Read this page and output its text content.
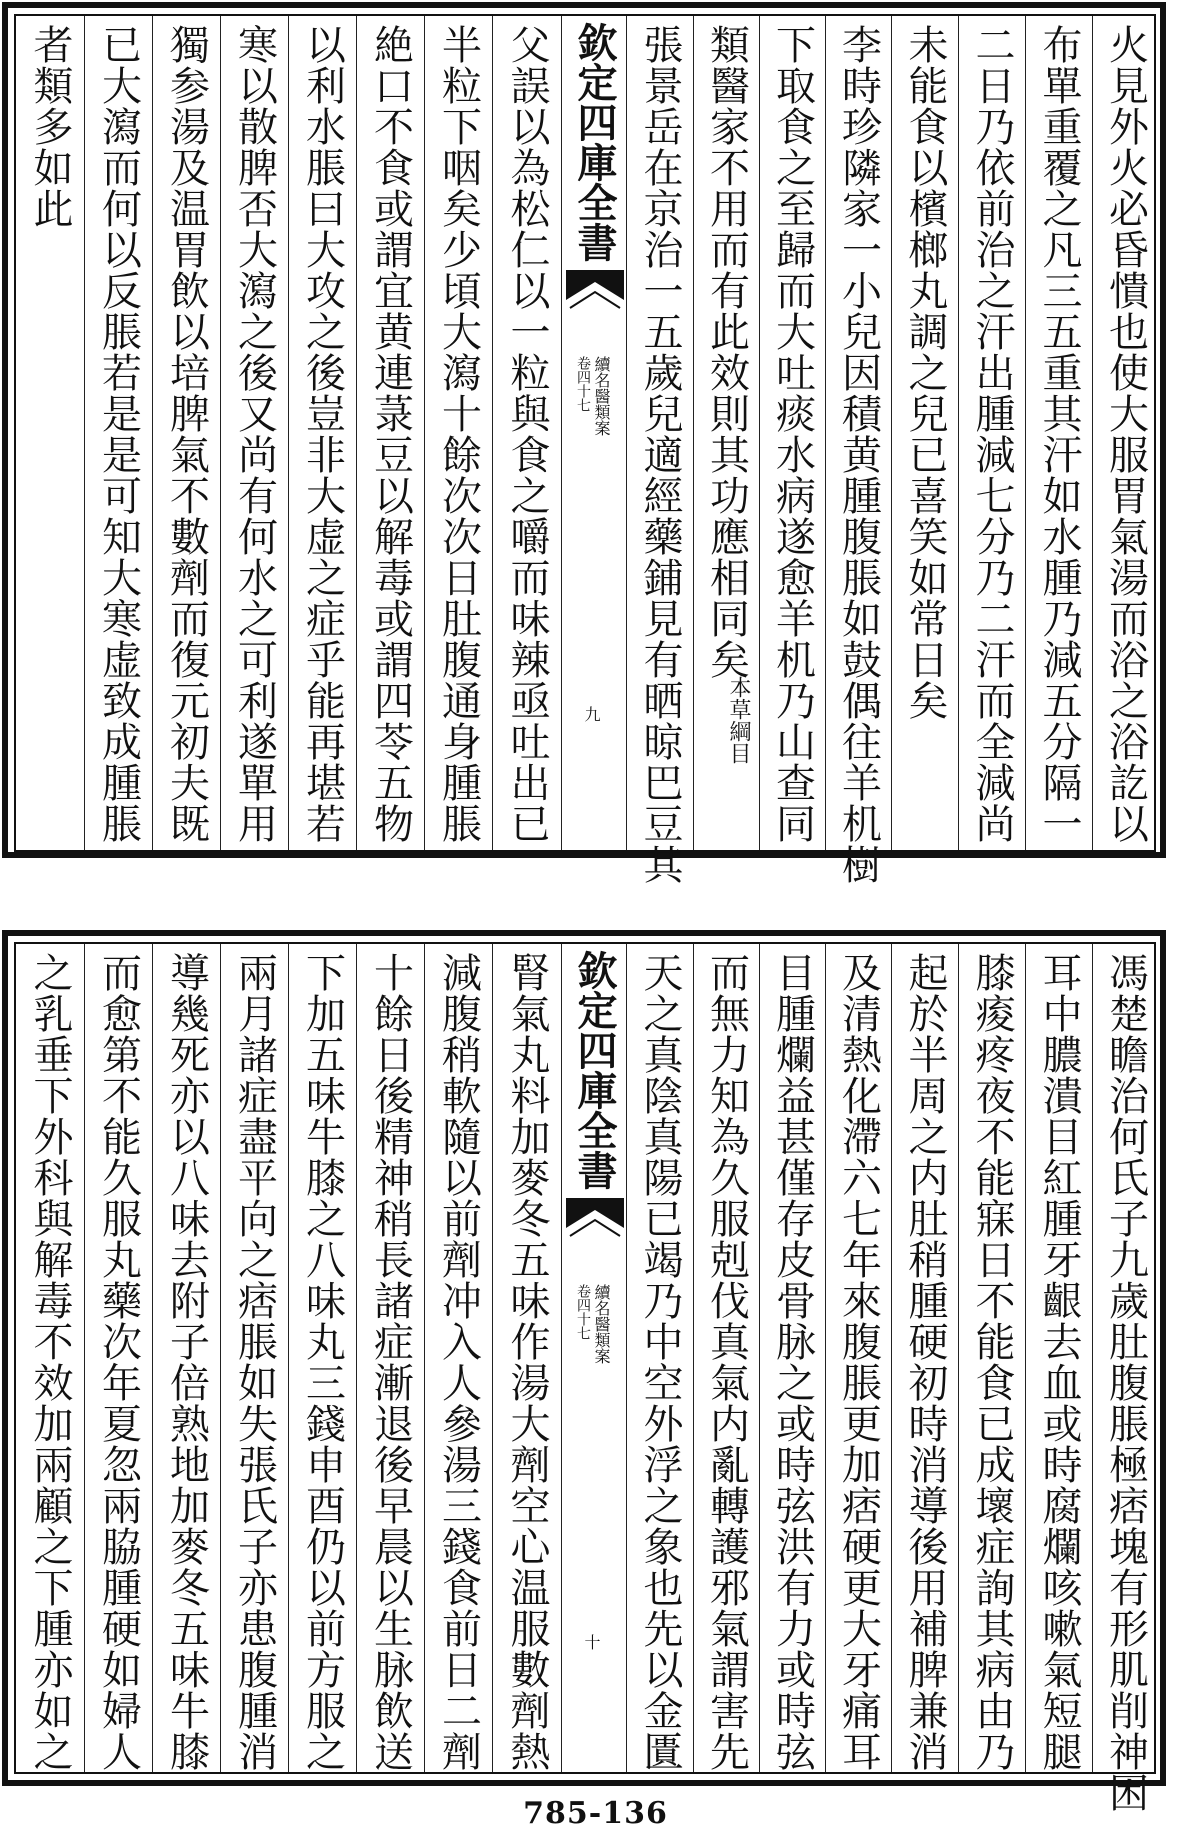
者類多如此 已大瀉而何以反脹若是是可知大寒虚致成腫脹 獨参湯及温胃飲以培脾氣不數劑而復元初夫既 寒以散脾否大瀉之後又尚有何水之可利遂單用 以利水脹曰大攻之後豈非大虚之症乎能再堪若 絶口不食或謂宜黄連菉豆以解毒或謂四苓五物 半粒下咽矣少頃大瀉十餘次次日肚腹通身腫脹 父誤以為松仁以一粒與食之嚼而味辣亟吐出已 欽定四庫全書
續名醫類案
卷四十七
九 張景岳在京治一五歲兒適經藥鋪見有晒晾巴豆其 類醫家不用而有此效則其功應相同矣
本草綱目 下取食之至歸而大吐痰水病遂愈羊机乃山查同 李時珍隣家一小兒因積黄腫腹脹如鼓偶往羊机樹 未能食以檳榔丸調之兒已喜笑如常日矣 二日乃依前治之汗出腫減七分乃二汗而全減尚 布單重覆之凡三五重其汗如水腫乃減五分隔一 火見外火必昏憒也使大服胃氣湯而浴之浴訖以
之乳垂下外科與解毒不效加兩顧之下腫亦如之 而愈第不能久服丸藥次年夏忽兩脇腫硬如婦人 導幾死亦以八味去附子倍熟地加麥冬五味牛膝 兩月諸症盡平向之痞脹如失張氏子亦患腹腫消 下加五味牛膝之八味丸三錢申酉仍以前方服之 十餘日後精神稍長諸症漸退後早晨以生脉飲送 減腹稍軟隨以前劑冲入人參湯三錢食前日二劑 腎氣丸料加麥冬五味作湯大劑空心温服數劑熱 欽定四庫全書
續名醫類案
卷四十七
十 天之真陰真陽已竭乃中空外浮之象也先以金匱 而無力知為久服剋伐真氣内亂轉護邪氣謂害先 目腫爛益甚僅存皮骨脉之或時弦洪有力或時弦 及清熱化滯六七年來腹脹更加痞硬更大牙痛耳 起於半周之内肚稍腫硬初時消導後用補脾兼消 膝痠疼夜不能寐日不能食已成壞症詢其病由乃 耳中膿潰目紅腫牙齦去血或時腐爛咳嗽氣短腿 馮楚瞻治何氏子九歲肚腹脹極痞塊有形肌削神困
785-136
